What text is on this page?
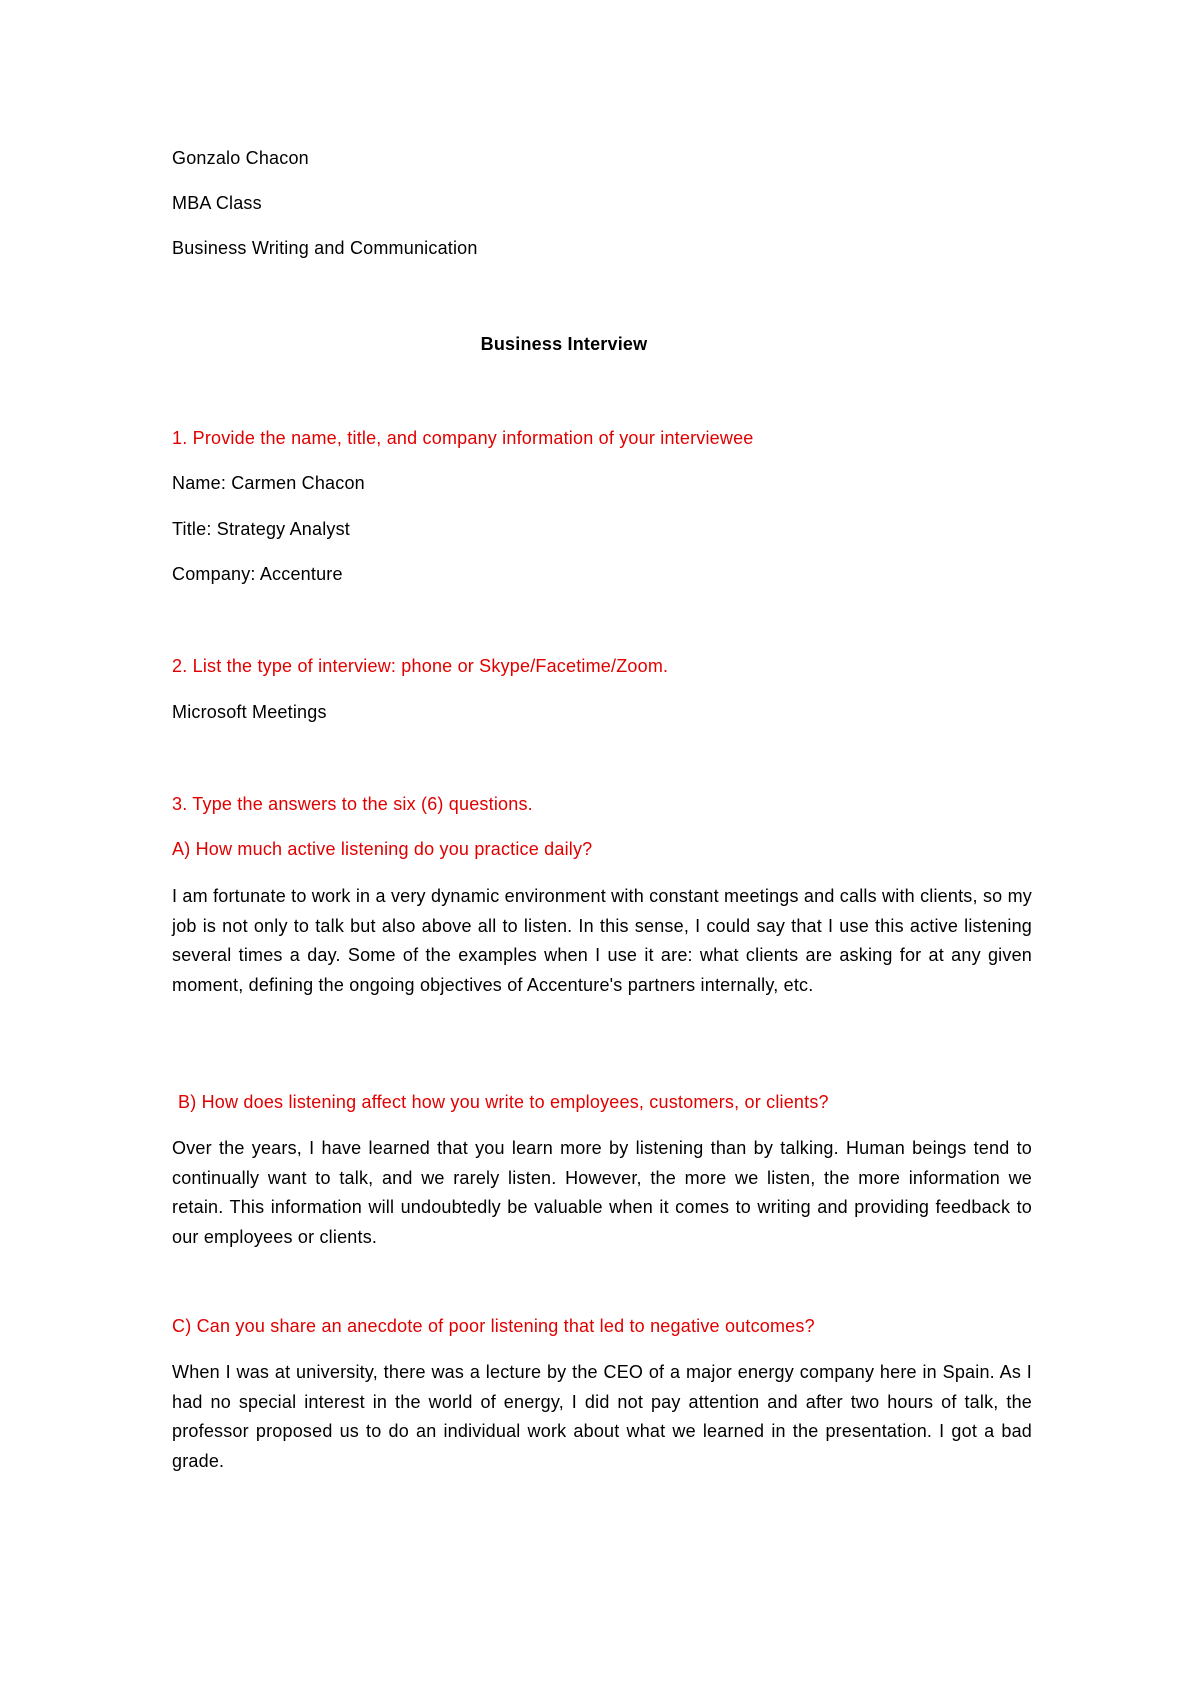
Gonzalo Chacon
MBA Class
Business Writing and Communication
Business Interview
1. Provide the name, title, and company information of your interviewee
Name: Carmen Chacon
Title: Strategy Analyst
Company: Accenture
2. List the type of interview: phone or Skype/Facetime/Zoom.
Microsoft Meetings
3. Type the answers to the six (6) questions.
A) How much active listening do you practice daily?
I am fortunate to work in a very dynamic environment with constant meetings and calls with clients, so my job is not only to talk but also above all to listen. In this sense, I could say that I use this active listening several times a day. Some of the examples when I use it are: what clients are asking for at any given moment, defining the ongoing objectives of Accenture's partners internally, etc.
B) How does listening affect how you write to employees, customers, or clients?
Over the years, I have learned that you learn more by listening than by talking. Human beings tend to continually want to talk, and we rarely listen. However, the more we listen, the more information we retain. This information will undoubtedly be valuable when it comes to writing and providing feedback to our employees or clients.
C) Can you share an anecdote of poor listening that led to negative outcomes?
When I was at university, there was a lecture by the CEO of a major energy company here in Spain. As I had no special interest in the world of energy, I did not pay attention and after two hours of talk, the professor proposed us to do an individual work about what we learned in the presentation. I got a bad grade.
